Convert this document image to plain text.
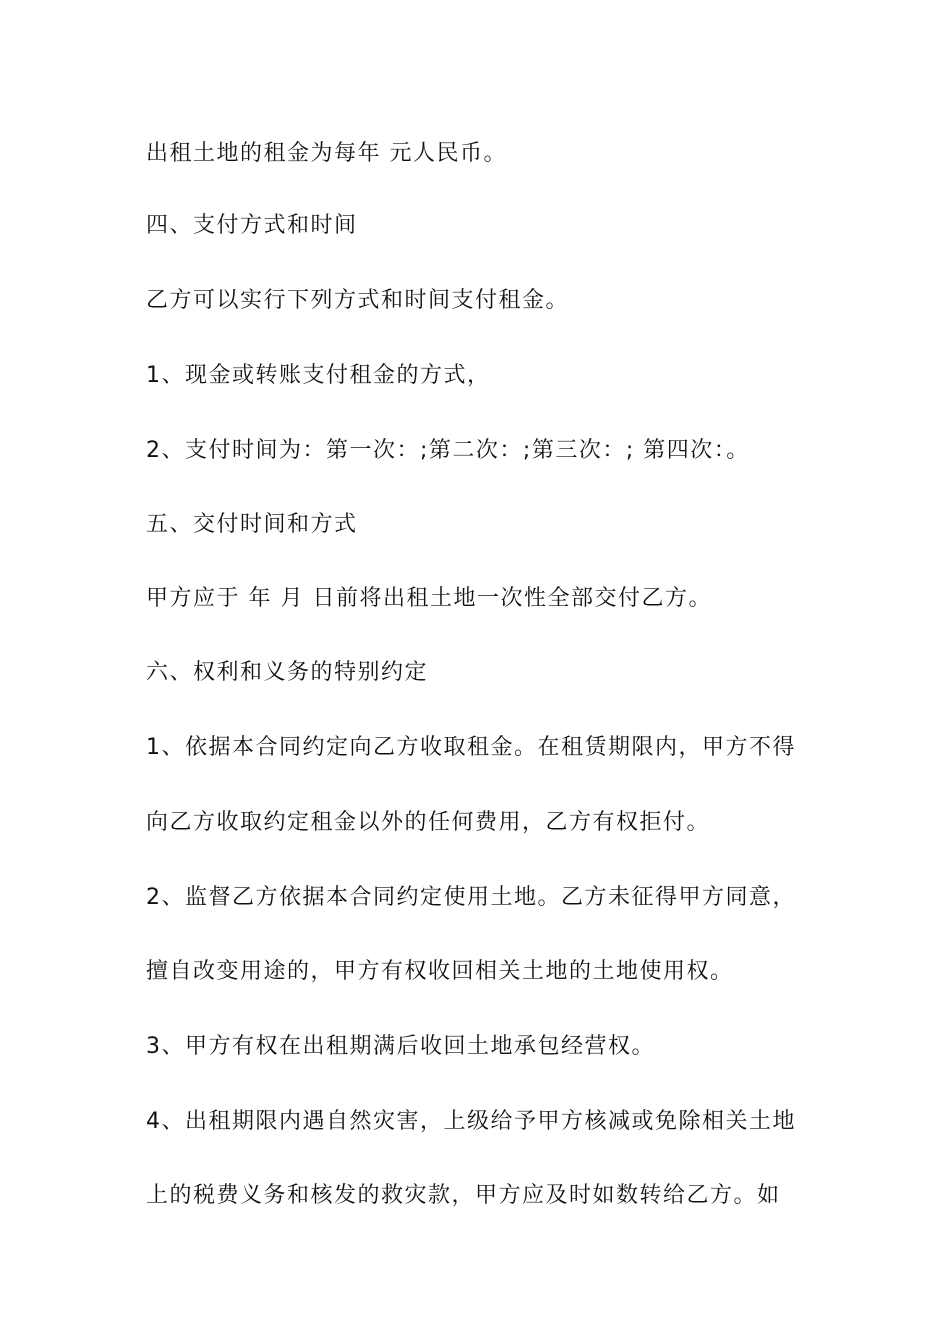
出租土地的租金为每年 元人民币。
四、支付方式和时间
乙方可以实行下列方式和时间支付租金。
1、现金或转账支付租金的方式，
2、支付时间为：第一次：;第二次：;第三次：; 第四次：。
五、交付时间和方式
甲方应于 年 月 日前将出租土地一次性全部交付乙方。
六、权利和义务的特别约定
1、依据本合同约定向乙方收取租金。在租赁期限内，甲方不得
向乙方收取约定租金以外的任何费用，乙方有权拒付。
2、监督乙方依据本合同约定使用土地。乙方未征得甲方同意，
擅自改变用途的，甲方有权收回相关土地的土地使用权。
3、甲方有权在出租期满后收回土地承包经营权。
4、出租期限内遇自然灾害，上级给予甲方核减或免除相关土地
上的税费义务和核发的救灾款，甲方应及时如数转给乙方。如
